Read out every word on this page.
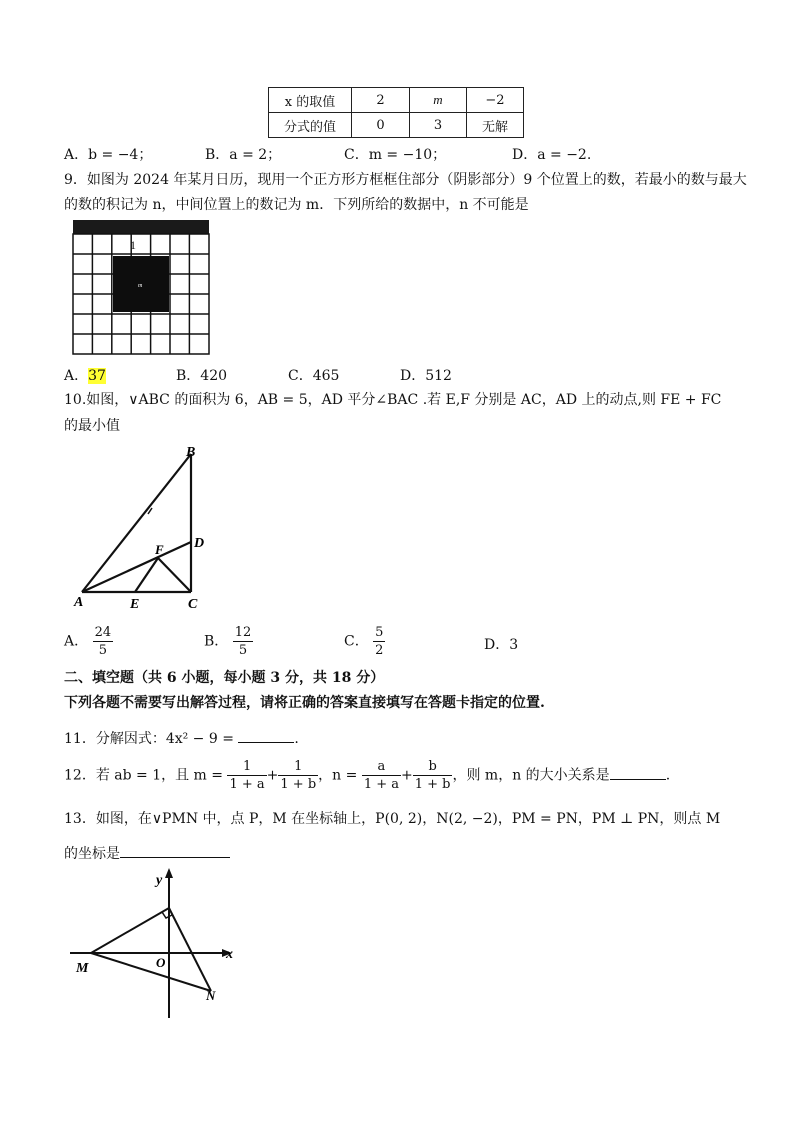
x 的取值	2	m	−2
分式的值	0	3	无解
A．b = −4；	B．a = 2；	C．m = −10；	D．a = −2.
9．如图为 2024 年某月日历，现用一个正方形方框框住部分（阴影部分）9 个位置上的数，若最小的数与最大
的数的积记为 n，中间位置上的数记为 m．下列所给的数据中，n 不可能是
1
m
A．37	B．420	C．465	D．512
10.如图，∨ABC 的面积为 6，AB = 5，AD 平分∠BAC .若 E,F 分别是 AC，AD 上的动点,则 FE + FC
的最小值
B
D
F
A	E	C
A． $\frac{24}{5}$	B． $\frac{12}{5}$	C． $\frac{5}{2}$	D．3
二、填空题（共 6 小题，每小题 3 分，共 18 分）
下列各题不需要写出解答过程，请将正确的答案直接填写在答题卡指定的位置.
11．分解因式：4x² − 9 =	.
12．若 ab = 1，且 $m = \frac{1}{1 + a} + \frac{1}{1 + b}$ ，$n = \frac{a}{1 + a} + \frac{b}{1 + b}$ ，则 m，n 的大小关系是	.
13．如图，在∨PMN 中，点 P，M 在坐标轴上，P(0, 2)，N(2, −2)，PM = PN，PM ⊥ PN，则点 M
的坐标是
y
x
O
M
N
